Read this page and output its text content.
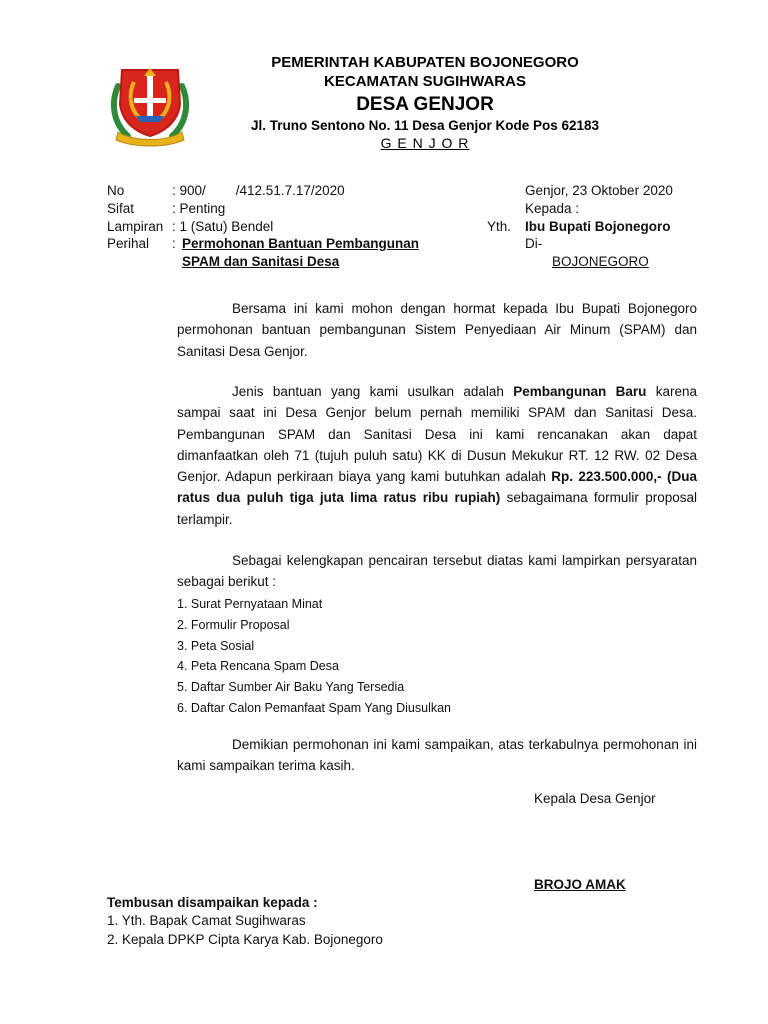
PEMERINTAH KABUPATEN BOJONEGORO
KECAMATAN SUGIHWARAS
DESA GENJOR
Jl. Truno Sentono No. 11 Desa Genjor Kode Pos 62183
G E N J O R
No	: 900/        /412.51.7.17/2020
Sifat	: Penting
Lampiran : 1 (Satu) Bendel
Perihal : Permohonan Bantuan Pembangunan
SPAM dan Sanitasi Desa
Genjor, 23 Oktober 2020
Kepada :
Yth. Ibu Bupati Bojonegoro
Di-
BOJONEGORO
Bersama ini kami mohon dengan hormat kepada Ibu Bupati Bojonegoro permohonan bantuan pembangunan Sistem Penyediaan Air Minum (SPAM) dan Sanitasi Desa Genjor.
Jenis bantuan yang kami usulkan adalah Pembangunan Baru karena sampai saat ini Desa Genjor belum pernah memiliki SPAM dan Sanitasi Desa. Pembangunan SPAM dan Sanitasi Desa ini kami rencanakan akan dapat dimanfaatkan oleh 71 (tujuh puluh satu) KK di Dusun Mekukur RT. 12 RW. 02 Desa Genjor. Adapun perkiraan biaya yang kami butuhkan adalah Rp. 223.500.000,- (Dua ratus dua puluh tiga juta lima ratus ribu rupiah) sebagaimana formulir proposal terlampir.
Sebagai kelengkapan pencairan tersebut diatas kami lampirkan persyaratan sebagai berikut :
1. Surat Pernyataan Minat
2. Formulir Proposal
3. Peta Sosial
4. Peta Rencana Spam Desa
5. Daftar Sumber Air Baku Yang Tersedia
6. Daftar Calon Pemanfaat Spam Yang Diusulkan
Demikian permohonan ini kami sampaikan, atas terkabulnya permohonan ini kami sampaikan terima kasih.
Kepala Desa Genjor
BROJO AMAK
Tembusan disampaikan kepada :
1. Yth. Bapak Camat Sugihwaras
2. Kepala DPKP Cipta Karya Kab. Bojonegoro
